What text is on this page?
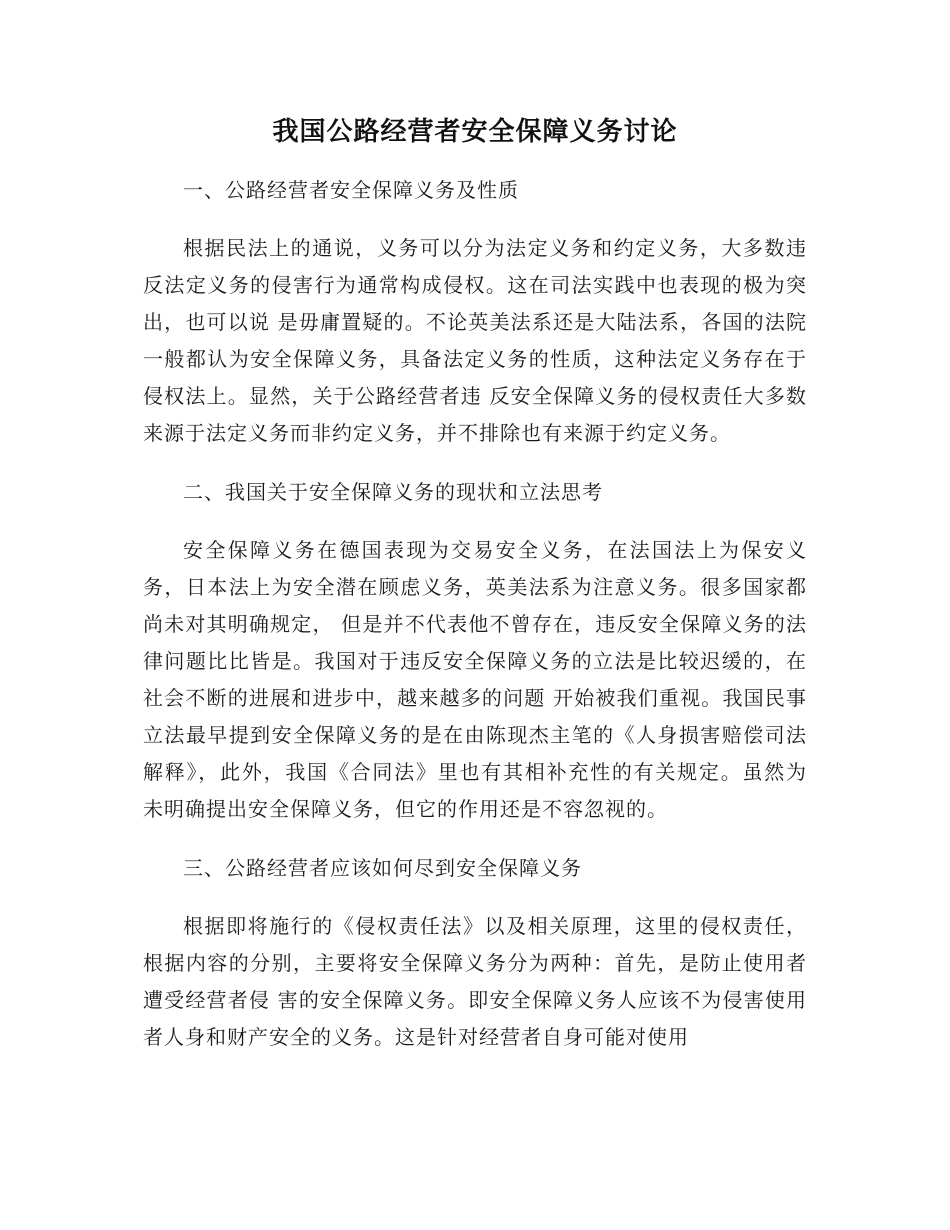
我国公路经营者安全保障义务讨论
一、公路经营者安全保障义务及性质

根据民法上的通说，义务可以分为法定义务和约定义务，大多数违反法定义务的侵害行为通常构成侵权。这在司法实践中也表现的极为突出，也可以说 是毋庸置疑的。不论英美法系还是大陆法系，各国的法院一般都认为安全保障义务，具备法定义务的性质，这种法定义务存在于侵权法上。显然，关于公路经营者违 反安全保障义务的侵权责任大多数来源于法定义务而非约定义务，并不排除也有来源于约定义务。

二、我国关于安全保障义务的现状和立法思考

安全保障义务在德国表现为交易安全义务，在法国法上为保安义务，日本法上为安全潜在顾虑义务，英美法系为注意义务。很多国家都尚未对其明确规定， 但是并不代表他不曾存在，违反安全保障义务的法律问题比比皆是。我国对于违反安全保障义务的立法是比较迟缓的，在社会不断的进展和进步中，越来越多的问题 开始被我们重视。我国民事立法最早提到安全保障义务的是在由陈现杰主笔的《人身损害赔偿司法解释》，此外，我国《合同法》里也有其相补充性的有关规定。虽然为 未明确提出安全保障义务，但它的作用还是不容忽视的。

三、公路经营者应该如何尽到安全保障义务

根据即将施行的《侵权责任法》以及相关原理，这里的侵权责任，根据内容的分别，主要将安全保障义务分为两种：首先，是防止使用者遭受经营者侵 害的安全保障义务。即安全保障义务人应该不为侵害使用者人身和财产安全的义务。这是针对经营者自身可能对使用
